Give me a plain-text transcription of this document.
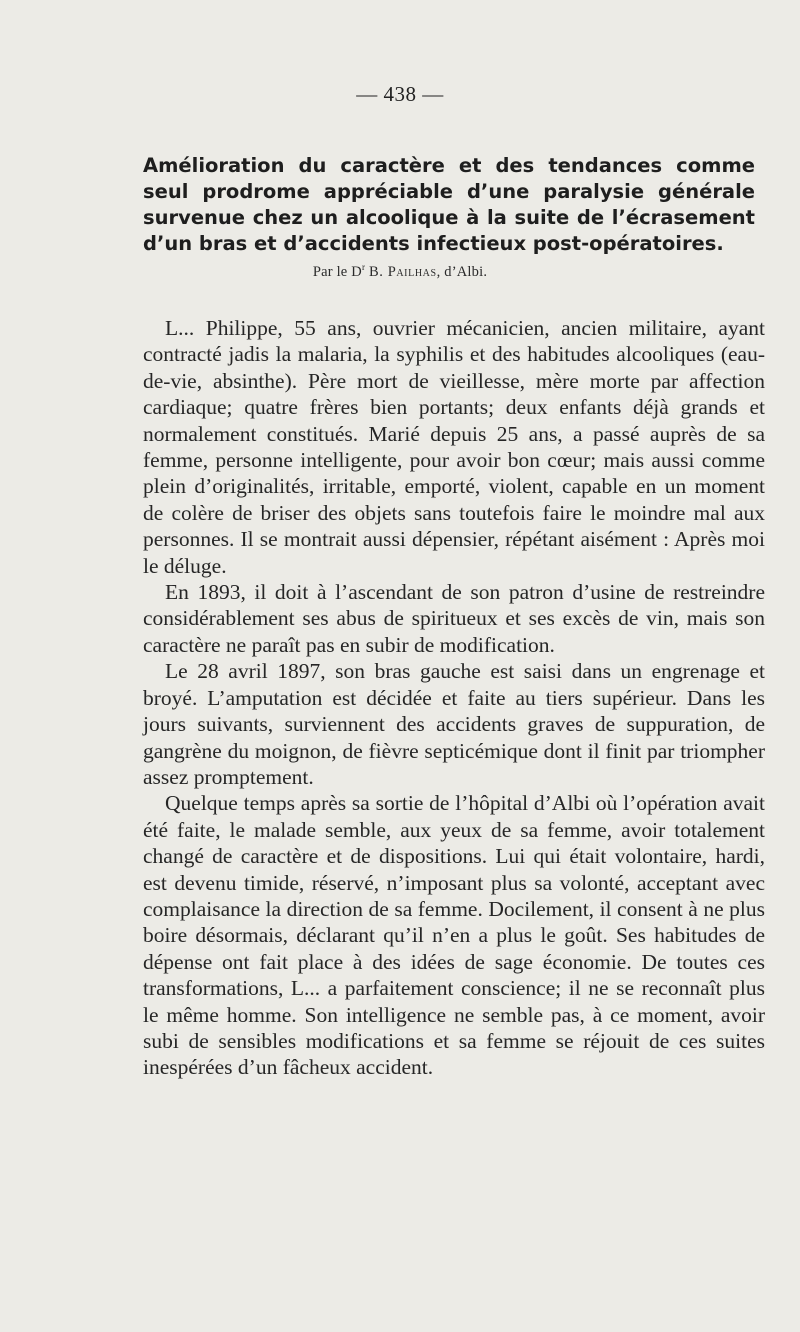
— 438 —
Amélioration du caractère et des tendances comme seul prodrome appréciable d’une paralysie générale survenue chez un alcoolique à la suite de l’écrasement d’un bras et d’accidents infectieux post-opératoires.
Par le $D^r$ B. Pailhas, d’Albi.

L... Philippe, 55 ans, ouvrier mécanicien, ancien militaire, ayant contracté jadis la malaria, la syphilis et des habitudes alcooliques (eau-de-vie, absinthe). Père mort de vieillesse, mère morte par affection cardiaque; quatre frères bien portants; deux enfants déjà grands et normalement constitués. Marié depuis 25 ans, a passé auprès de sa femme, personne intelligente, pour avoir bon cœur; mais aussi comme plein d’originalités, irritable, emporté, violent, capable en un moment de colère de briser des objets sans toutefois faire le moindre mal aux personnes. Il se montrait aussi dépensier, répétant aisément : Après moi le déluge.

En 1893, il doit à l’ascendant de son patron d’usine de restreindre considérablement ses abus de spiritueux et ses excès de vin, mais son caractère ne paraît pas en subir de modification.

Le 28 avril 1897, son bras gauche est saisi dans un engrenage et broyé. L’amputation est décidée et faite au tiers supérieur. Dans les jours suivants, surviennent des accidents graves de suppuration, de gangrène du moignon, de fièvre septicémique dont il finit par triompher assez promptement.

Quelque temps après sa sortie de l’hôpital d’Albi où l’opération avait été faite, le malade semble, aux yeux de sa femme, avoir totalement changé de caractère et de dispositions. Lui qui était volontaire, hardi, est devenu timide, réservé, n’imposant plus sa volonté, acceptant avec complaisance la direction de sa femme. Docilement, il consent à ne plus boire désormais, déclarant qu’il n’en a plus le goût. Ses habitudes de dépense ont fait place à des idées de sage économie. De toutes ces transformations, L... a parfaitement conscience; il ne se reconnaît plus le même homme. Son intelligence ne semble pas, à ce moment, avoir subi de sensibles modifications et sa femme se réjouit de ces suites inespérées d’un fâcheux accident.
